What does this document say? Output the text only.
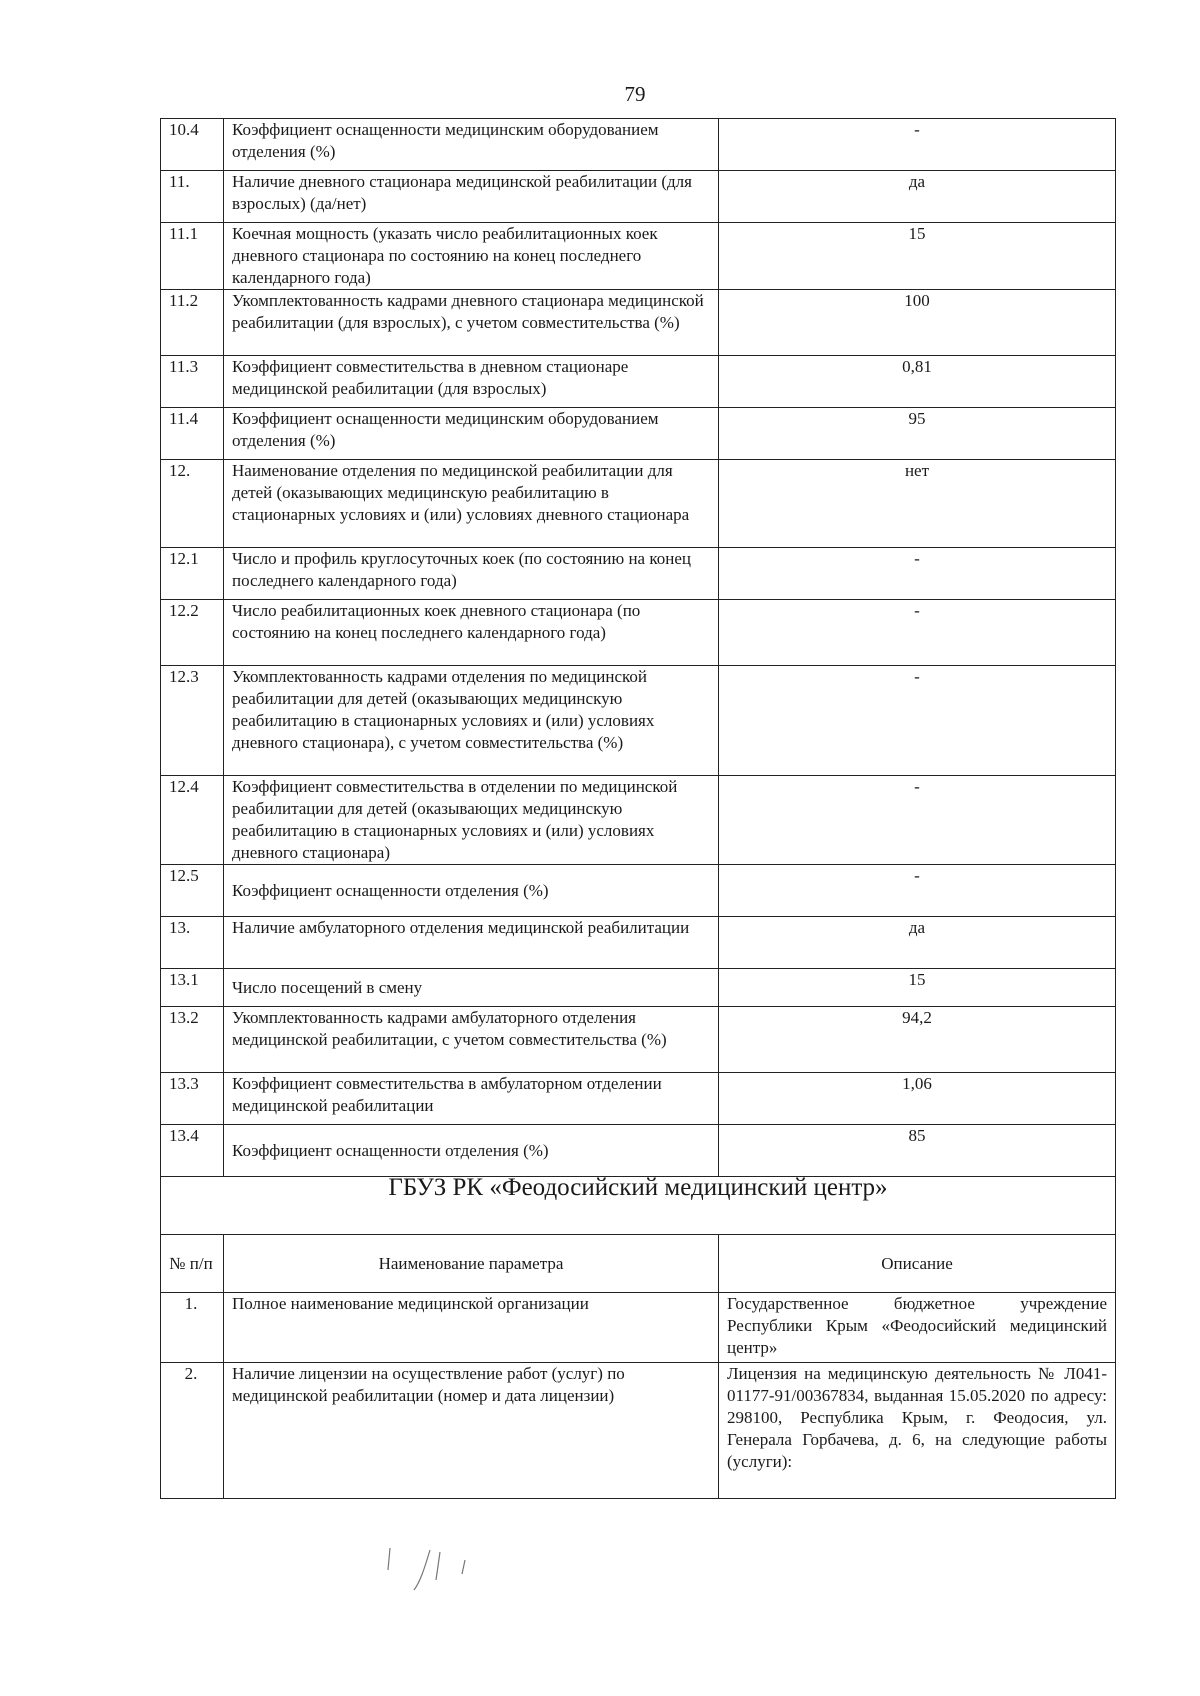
79
10.4	Коэффициент оснащенности медицинским оборудованием отделения (%)	-
11.	Наличие дневного стационара медицинской реабилитации (для взрослых) (да/нет)	да
11.1	Коечная мощность (указать число реабилитационных коек дневного стационара по состоянию на конец последнего календарного года)	15
11.2	Укомплектованность кадрами дневного стационара медицинской реабилитации (для взрослых), с учетом совместительства (%)	100
11.3	Коэффициент совместительства в дневном стационаре медицинской реабилитации (для взрослых)	0,81
11.4	Коэффициент оснащенности медицинским оборудованием отделения (%)	95
12.	Наименование отделения по медицинской реабилитации для детей (оказывающих медицинскую реабилитацию в стационарных условиях и (или) условиях дневного стационара	нет
12.1	Число и профиль круглосуточных коек (по состоянию на конец последнего календарного года)	-
12.2	Число реабилитационных коек дневного стационара (по состоянию на конец последнего календарного года)	-
12.3	Укомплектованность кадрами отделения по медицинской реабилитации для детей (оказывающих медицинскую реабилитацию в стационарных условиях и (или) условиях дневного стационара), с учетом совместительства (%)	-
12.4	Коэффициент совместительства в отделении по медицинской реабилитации для детей (оказывающих медицинскую реабилитацию в стационарных условиях и (или) условиях дневного стационара)	-
12.5	Коэффициент оснащенности отделения (%)	-
13.	Наличие амбулаторного отделения медицинской реабилитации	да
13.1	Число посещений в смену	15
13.2	Укомплектованность кадрами амбулаторного отделения медицинской реабилитации, с учетом совместительства (%)	94,2
13.3	Коэффициент совместительства в амбулаторном отделении медицинской реабилитации	1,06
13.4	Коэффициент оснащенности отделения (%)	85
ГБУЗ РК «Феодосийский медицинский центр»		
№ п/п	Наименование параметра	Описание
1.	Полное наименование медицинской организации	Государственное бюджетное учреждение Республики Крым «Феодосийский медицинский центр»
2.	Наличие лицензии на осуществление работ (услуг) по медицинской реабилитации (номер и дата лицензии)	Лицензия на медицинскую деятельность № Л041-01177-91/00367834, выданная 15.05.2020 по адресу: 298100, Республика Крым, г. Феодосия, ул. Генерала Горбачева, д. 6, на следующие работы (услуги):
